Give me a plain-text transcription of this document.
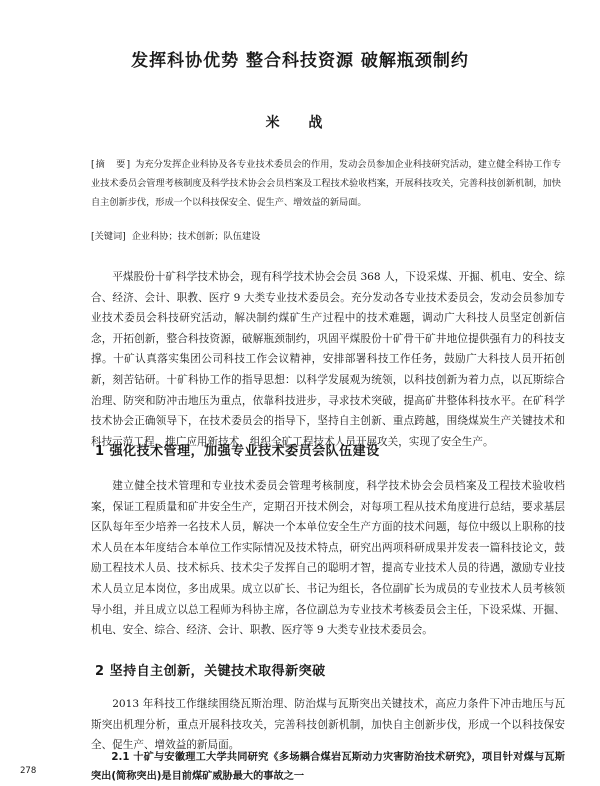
发挥科协优势 整合科技资源 破解瓶颈制约
米 战

[摘　要] 为充分发挥企业科协及各专业技术委员会的作用，发动会员参加企业科技研究活动，建立健全科协工作专业技术委员会管理考核制度及科学技术协会会员档案及工程技术验收档案，开展科技攻关，完善科技创新机制，加快自主创新步伐，形成一个以科技保安全、促生产、增效益的新局面。

[关键词] 企业科协；技术创新；队伍建设

平煤股份十矿科学技术协会，现有科学技术协会会员 368 人，下设采煤、开掘、机电、安全、综合、经济、会计、职教、医疗 9 大类专业技术委员会。充分发动各专业技术委员会，发动会员参加专业技术委员会科技研究活动，解决制约煤矿生产过程中的技术难题，调动广大科技人员坚定创新信念，开拓创新，整合科技资源，破解瓶颈制约，巩固平煤股份十矿骨干矿井地位提供强有力的科技支撑。十矿认真落实集团公司科技工作会议精神，安排部署科技工作任务，鼓励广大科技人员开拓创新，刻苦钻研。十矿科协工作的指导思想：以科学发展观为统领，以科技创新为着力点，以瓦斯综合治理、防突和防冲击地压为重点，依靠科技进步，寻求技术突破，提高矿井整体科技水平。在矿科学技术协会正确领导下，在技术委员会的指导下，坚持自主创新、重点跨越，围绕煤炭生产关键技术和科技示范工程，推广应用新技术，组织全矿工程技术人员开展攻关，实现了安全生产。

1 强化技术管理，加强专业技术委员会队伍建设

建立健全技术管理和专业技术委员会管理考核制度，科学技术协会会员档案及工程技术验收档案，保证工程质量和矿井安全生产，定期召开技术例会，对每项工程从技术角度进行总结，要求基层区队每年至少培养一名技术人员，解决一个本单位安全生产方面的技术问题，每位中级以上职称的技术人员在本年度结合本单位工作实际情况及技术特点，研究出两项科研成果并发表一篇科技论文，鼓励工程技术人员、技术标兵、技术尖子发挥自己的聪明才智，提高专业技术人员的待遇，激励专业技术人员立足本岗位，多出成果。成立以矿长、书记为组长，各位副矿长为成员的专业技术人员考核领导小组，并且成立以总工程师为科协主席，各位副总为专业技术考核委员会主任，下设采煤、开掘、机电、安全、综合、经济、会计、职教、医疗等 9 大类专业技术委员会。

2 坚持自主创新，关键技术取得新突破

2013 年科技工作继续围绕瓦斯治理、防治煤与瓦斯突出关键技术，高应力条件下冲击地压与瓦斯突出机理分析，重点开展科技攻关，完善科技创新机制，加快自主创新步伐，形成一个以科技保安全、促生产、增效益的新局面。

2.1 十矿与安徽理工大学共同研究《多场耦合煤岩瓦斯动力灾害防治技术研究》，项目针对煤与瓦斯突出(简称突出)是目前煤矿威胁最大的事故之一

278
